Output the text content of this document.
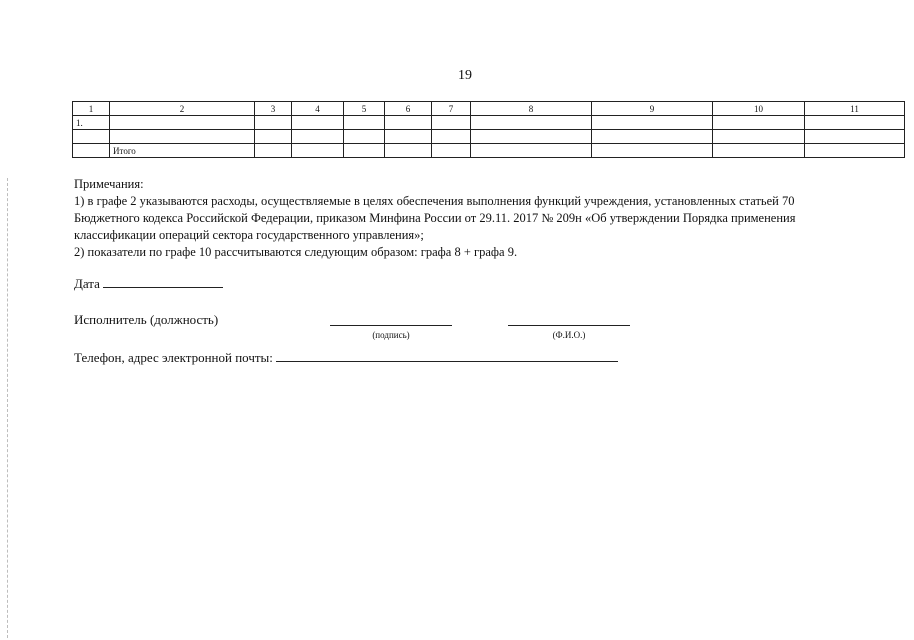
19
1	2	3	4	5	6	7	8	9	10	11
1.										

	Итого									

Примечания:

1) в графе 2 указываются расходы, осуществляемые в целях обеспечения выполнения функций учреждения, установленных статьей 70 Бюджетного кодекса Российской Федерации, приказом Минфина России от 29.11. 2017 № 209н «Об утверждении Порядка применения классификации операций сектора государственного управления»;

2) показатели по графе 10 рассчитываются следующим образом: графа 8 + графа 9.

Дата
Исполнитель (должность)
(подпись)	(Ф.И.О.)
Телефон, адрес электронной почты:
